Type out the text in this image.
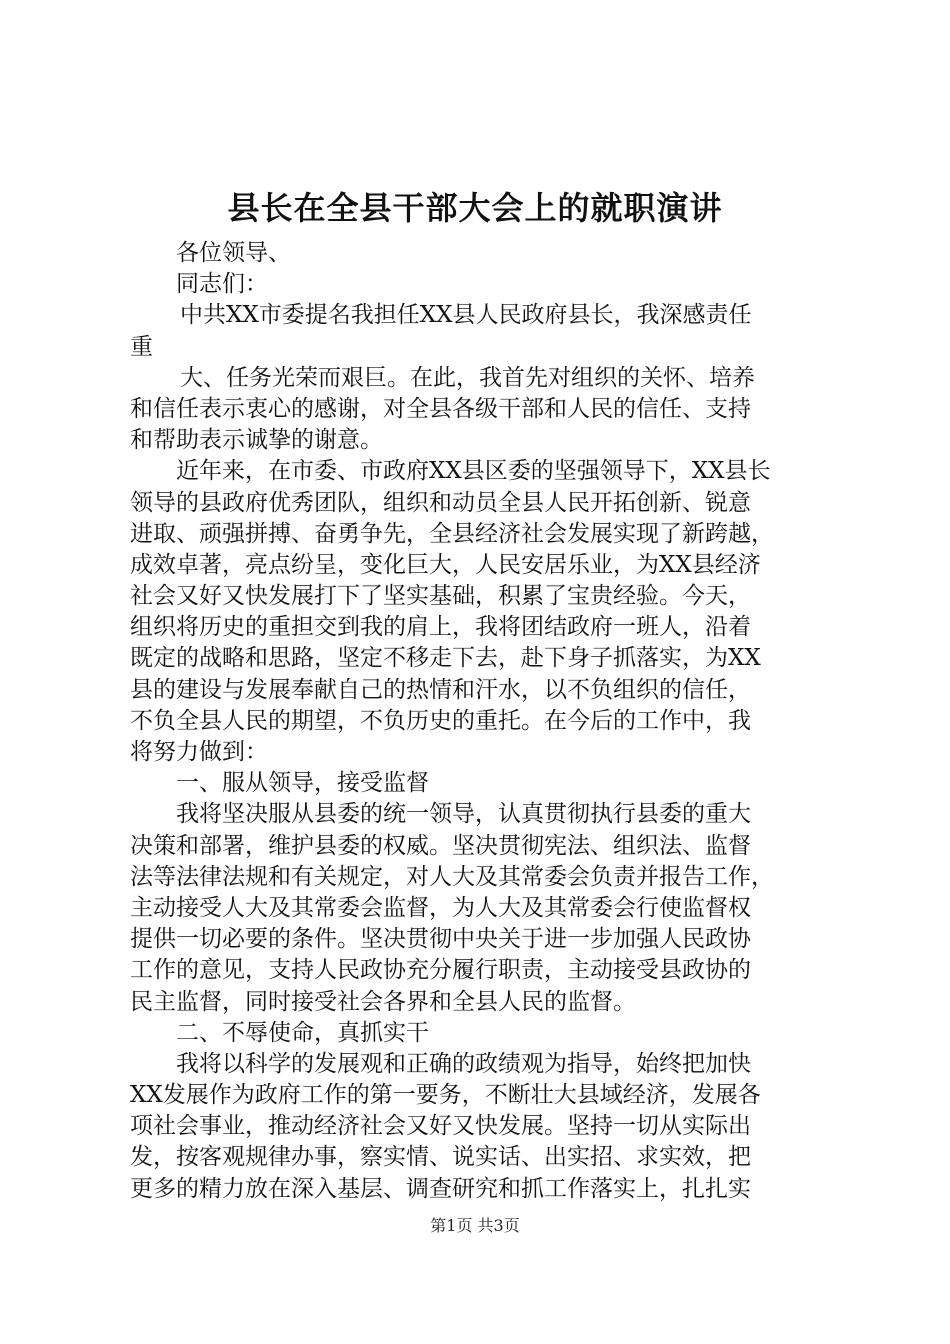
县长在全县干部大会上的就职演讲
各位领导、
同志们：
中共XX市委提名我担任XX县人民政府县长，我深感责任
重
大、任务光荣而艰巨。在此，我首先对组织的关怀、培养
和信任表示衷心的感谢，对全县各级干部和人民的信任、支持
和帮助表示诚挚的谢意。
近年来，在市委、市政府XX县区委的坚强领导下，XX县长
领导的县政府优秀团队，组织和动员全县人民开拓创新、锐意
进取、顽强拼搏、奋勇争先，全县经济社会发展实现了新跨越，
成效卓著，亮点纷呈，变化巨大，人民安居乐业，为XX县经济
社会又好又快发展打下了坚实基础，积累了宝贵经验。今天，
组织将历史的重担交到我的肩上，我将团结政府一班人，沿着
既定的战略和思路，坚定不移走下去，赴下身子抓落实，为XX
县的建设与发展奉献自己的热情和汗水，以不负组织的信任，
不负全县人民的期望，不负历史的重托。在今后的工作中，我
将努力做到：
一、服从领导，接受监督
我将坚决服从县委的统一领导，认真贯彻执行县委的重大
决策和部署，维护县委的权威。坚决贯彻宪法、组织法、监督
法等法律法规和有关规定，对人大及其常委会负责并报告工作，
主动接受人大及其常委会监督，为人大及其常委会行使监督权
提供一切必要的条件。坚决贯彻中央关于进一步加强人民政协
工作的意见，支持人民政协充分履行职责，主动接受县政协的
民主监督，同时接受社会各界和全县人民的监督。
二、不辱使命，真抓实干
我将以科学的发展观和正确的政绩观为指导，始终把加快
XX发展作为政府工作的第一要务，不断壮大县域经济，发展各
项社会事业，推动经济社会又好又快发展。坚持一切从实际出
发，按客观规律办事，察实情、说实话、出实招、求实效，把
更多的精力放在深入基层、调查研究和抓工作落实上，扎扎实
第1页 共3页
